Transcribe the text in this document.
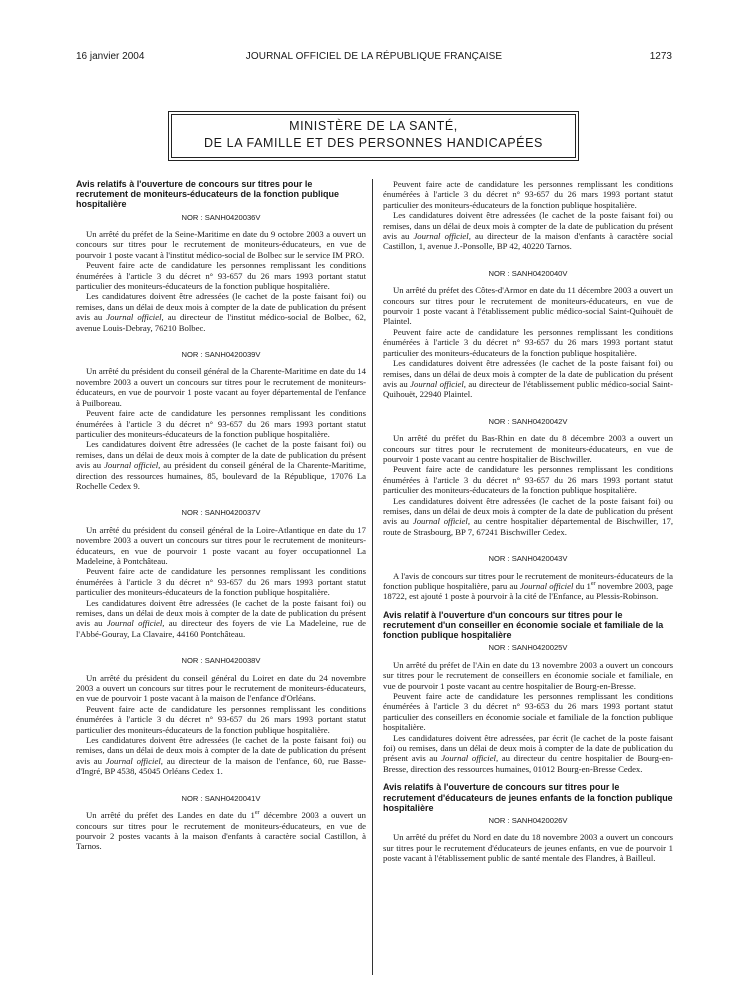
16 janvier 2004	JOURNAL OFFICIEL DE LA RÉPUBLIQUE FRANÇAISE	1273
MINISTÈRE DE LA SANTÉ,
DE LA FAMILLE ET DES PERSONNES HANDICAPÉES
Avis relatifs à l'ouverture de concours sur titres pour le recrutement de moniteurs-éducateurs de la fonction publique hospitalière
NOR : SANH0420036V

Un arrêté du préfet de la Seine-Maritime en date du 9 octobre 2003 a ouvert un concours sur titres pour le recrutement de moniteurs-éducateurs, en vue de pourvoir 1 poste vacant à l'institut médico-social de Bolbec sur le service IM PRO.

Peuvent faire acte de candidature les personnes remplissant les conditions énumérées à l'article 3 du décret n° 93-657 du 26 mars 1993 portant statut particulier des moniteurs-éducateurs de la fonction publique hospitalière.

Les candidatures doivent être adressées (le cachet de la poste faisant foi) ou remises, dans un délai de deux mois à compter de la date de publication du présent avis au Journal officiel, au directeur de l'institut médico-social de Bolbec, 62, avenue Louis-Debray, 76210 Bolbec.

NOR : SANH0420039V

Un arrêté du président du conseil général de la Charente-Maritime en date du 14 novembre 2003 a ouvert un concours sur titres pour le recrutement de moniteurs-éducateurs, en vue de pourvoir 1 poste vacant au foyer départemental de l'enfance à Puilboreau.

Peuvent faire acte de candidature les personnes remplissant les conditions énumérées à l'article 3 du décret n° 93-657 du 26 mars 1993 portant statut particulier des moniteurs-éducateurs de la fonction publique hospitalière.

Les candidatures doivent être adressées (le cachet de la poste faisant foi) ou remises, dans un délai de deux mois à compter de la date de publication du présent avis au Journal officiel, au président du conseil général de la Charente-Maritime, direction des ressources humaines, 85, boulevard de la République, 17076 La Rochelle Cedex 9.

NOR : SANH0420037V

Un arrêté du président du conseil général de la Loire-Atlantique en date du 17 novembre 2003 a ouvert un concours sur titres pour le recrutement de moniteurs-éducateurs, en vue de pourvoir 1 poste vacant au foyer occupationnel La Madeleine, à Pontchâteau.

Peuvent faire acte de candidature les personnes remplissant les conditions énumérées à l'article 3 du décret n° 93-657 du 26 mars 1993 portant statut particulier des moniteurs-éducateurs de la fonction publique hospitalière.

Les candidatures doivent être adressées (le cachet de la poste faisant foi) ou remises, dans un délai de deux mois à compter de la date de publication du présent avis au Journal officiel, au directeur des foyers de vie La Madeleine, rue de l'Abbé-Gouray, La Clavaire, 44160 Pontchâteau.

NOR : SANH0420038V

Un arrêté du président du conseil général du Loiret en date du 24 novembre 2003 a ouvert un concours sur titres pour le recrutement de moniteurs-éducateurs, en vue de pourvoir 1 poste vacant à la maison de l'enfance d'Orléans.

Peuvent faire acte de candidature les personnes remplissant les conditions énumérées à l'article 3 du décret n° 93-657 du 26 mars 1993 portant statut particulier des moniteurs-éducateurs de la fonction publique hospitalière.

Les candidatures doivent être adressées (le cachet de la poste faisant foi) ou remises, dans un délai de deux mois à compter de la date de publication du présent avis au Journal officiel, au directeur de la maison de l'enfance, 60, rue Basse-d'Ingré, BP 4538, 45045 Orléans Cedex 1.

NOR : SANH0420041V

Un arrêté du préfet des Landes en date du 1er décembre 2003 a ouvert un concours sur titres pour le recrutement de moniteurs-éducateurs, en vue de pourvoir 2 postes vacants à la maison d'enfants à caractère social Castillon, à Tarnos.

Peuvent faire acte de candidature les personnes remplissant les conditions énumérées à l'article 3 du décret n° 93-657 du 26 mars 1993 portant statut particulier des moniteurs-éducateurs de la fonction publique hospitalière.

Les candidatures doivent être adressées (le cachet de la poste faisant foi) ou remises, dans un délai de deux mois à compter de la date de publication du présent avis au Journal officiel, au directeur de la maison d'enfants à caractère social Castillon, 1, avenue J.-Ponsolle, BP 42, 40220 Tarnos.

NOR : SANH0420040V

Un arrêté du préfet des Côtes-d'Armor en date du 11 décembre 2003 a ouvert un concours sur titres pour le recrutement de moniteurs-éducateurs, en vue de pourvoir 1 poste vacant à l'établissement public médico-social Saint-Quihouët de Plaintel.

Peuvent faire acte de candidature les personnes remplissant les conditions énumérées à l'article 3 du décret n° 93-657 du 26 mars 1993 portant statut particulier des moniteurs-éducateurs de la fonction publique hospitalière.

Les candidatures doivent être adressées (le cachet de la poste faisant foi) ou remises, dans un délai de deux mois à compter de la date de publication du présent avis au Journal officiel, au directeur de l'établissement public médico-social Saint-Quihouët, 22940 Plaintel.

NOR : SANH0420042V

Un arrêté du préfet du Bas-Rhin en date du 8 décembre 2003 a ouvert un concours sur titres pour le recrutement de moniteurs-éducateurs, en vue de pourvoir 1 poste vacant au centre hospitalier de Bischwiller.

Peuvent faire acte de candidature les personnes remplissant les conditions énumérées à l'article 3 du décret n° 93-657 du 26 mars 1993 portant statut particulier des moniteurs-éducateurs de la fonction publique hospitalière.

Les candidatures doivent être adressées (le cachet de la poste faisant foi) ou remises, dans un délai de deux mois à compter de la date de publication du présent avis au Journal officiel, au centre hospitalier départemental de Bischwiller, 17, route de Strasbourg, BP 7, 67241 Bischwiller Cedex.

NOR : SANH0420043V

A l'avis de concours sur titres pour le recrutement de moniteurs-éducateurs de la fonction publique hospitalière, paru au Journal officiel du 1er novembre 2003, page 18722, est ajouté 1 poste à pourvoir à la cité de l'Enfance, au Plessis-Robinson.

Avis relatif à l'ouverture d'un concours sur titres pour le recrutement d'un conseiller en économie sociale et familiale de la fonction publique hospitalière
NOR : SANH0420025V

Un arrêté du préfet de l'Ain en date du 13 novembre 2003 a ouvert un concours sur titres pour le recrutement de conseillers en économie sociale et familiale, en vue de pourvoir 1 poste vacant au centre hospitalier de Bourg-en-Bresse.

Peuvent faire acte de candidature les personnes remplissant les conditions énumérées à l'article 3 du décret n° 93-653 du 26 mars 1993 portant statut particulier des conseillers en économie sociale et familiale de la fonction publique hospitalière.

Les candidatures doivent être adressées, par écrit (le cachet de la poste faisant foi) ou remises, dans un délai de deux mois à compter de la date de publication du présent avis au Journal officiel, au directeur du centre hospitalier de Bourg-en-Bresse, direction des ressources humaines, 01012 Bourg-en-Bresse Cedex.

Avis relatifs à l'ouverture de concours sur titres pour le recrutement d'éducateurs de jeunes enfants de la fonction publique hospitalière
NOR : SANH0420026V

Un arrêté du préfet du Nord en date du 18 novembre 2003 a ouvert un concours sur titres pour le recrutement d'éducateurs de jeunes enfants, en vue de pourvoir 1 poste vacant à l'établissement public de santé mentale des Flandres, à Bailleul.
